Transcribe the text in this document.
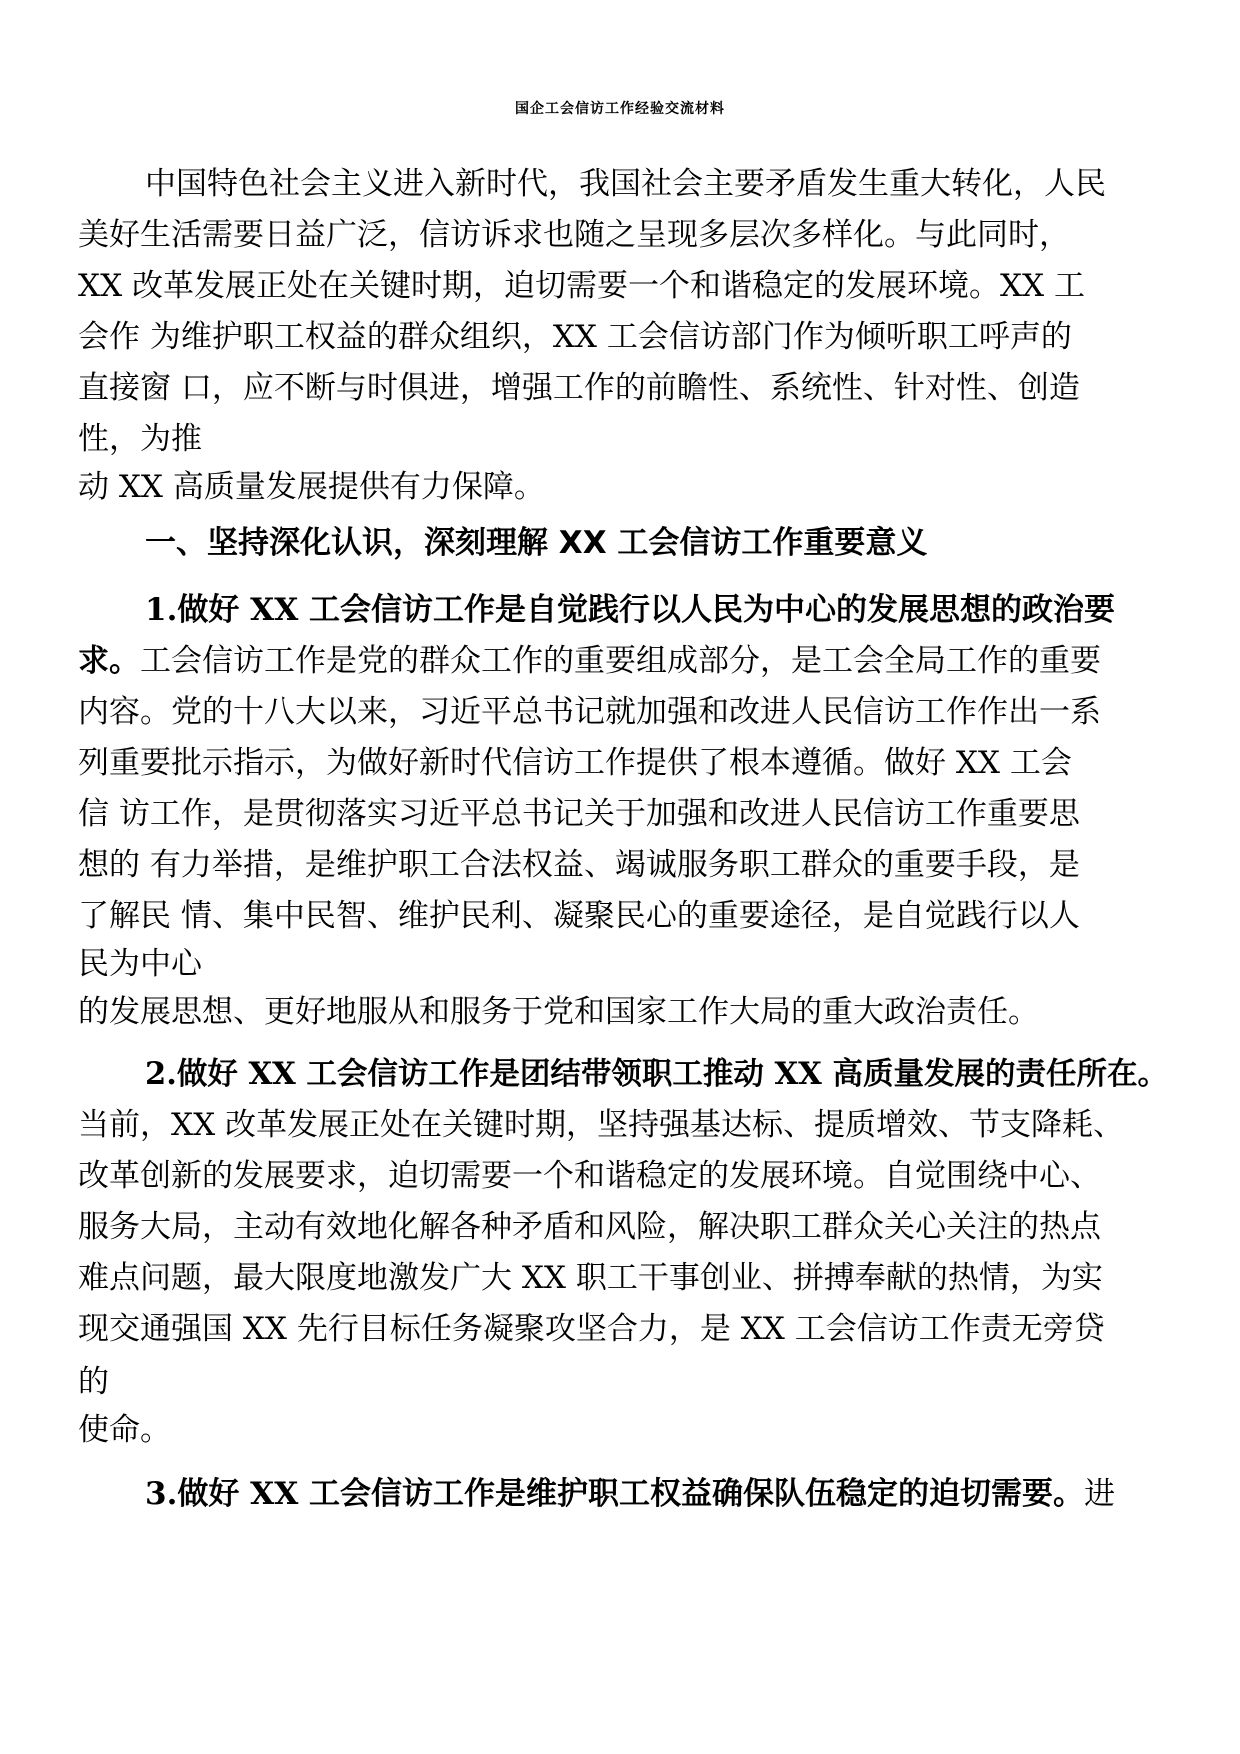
国企工会信访工作经验交流材料
中国特色社会主义进入新时代，我国社会主要矛盾发生重大转化，人民
美好生活需要日益广泛，信访诉求也随之呈现多层次多样化。与此同时，
XX 改革发展正处在关键时期，迫切需要一个和谐稳定的发展环境。XX 工
会作 为维护职工权益的群众组织，XX 工会信访部门作为倾听职工呼声的
直接窗 口，应不断与时俱进，增强工作的前瞻性、系统性、针对性、创造
性，为推
动 XX 高质量发展提供有力保障。
一、坚持深化认识，深刻理解 XX 工会信访工作重要意义
1.做好 XX 工会信访工作是自觉践行以人民为中心的发展思想的政治要
求。工会信访工作是党的群众工作的重要组成部分，是工会全局工作的重要
内容。党的十八大以来，习近平总书记就加强和改进人民信访工作作出一系
列重要批示指示，为做好新时代信访工作提供了根本遵循。做好 XX 工会
信 访工作，是贯彻落实习近平总书记关于加强和改进人民信访工作重要思
想的 有力举措，是维护职工合法权益、竭诚服务职工群众的重要手段，是
了解民 情、集中民智、维护民利、凝聚民心的重要途径，是自觉践行以人
民为中心
的发展思想、更好地服从和服务于党和国家工作大局的重大政治责任。
2.做好 XX 工会信访工作是团结带领职工推动 XX 高质量发展的责任所在。
当前，XX 改革发展正处在关键时期，坚持强基达标、提质增效、节支降耗、
改革创新的发展要求，迫切需要一个和谐稳定的发展环境。自觉围绕中心、
服务大局，主动有效地化解各种矛盾和风险，解决职工群众关心关注的热点
难点问题，最大限度地激发广大 XX 职工干事创业、拼搏奉献的热情，为实
现交通强国 XX 先行目标任务凝聚攻坚合力，是 XX 工会信访工作责无旁贷
的
使命。
3.做好 XX 工会信访工作是维护职工权益确保队伍稳定的迫切需要。进
